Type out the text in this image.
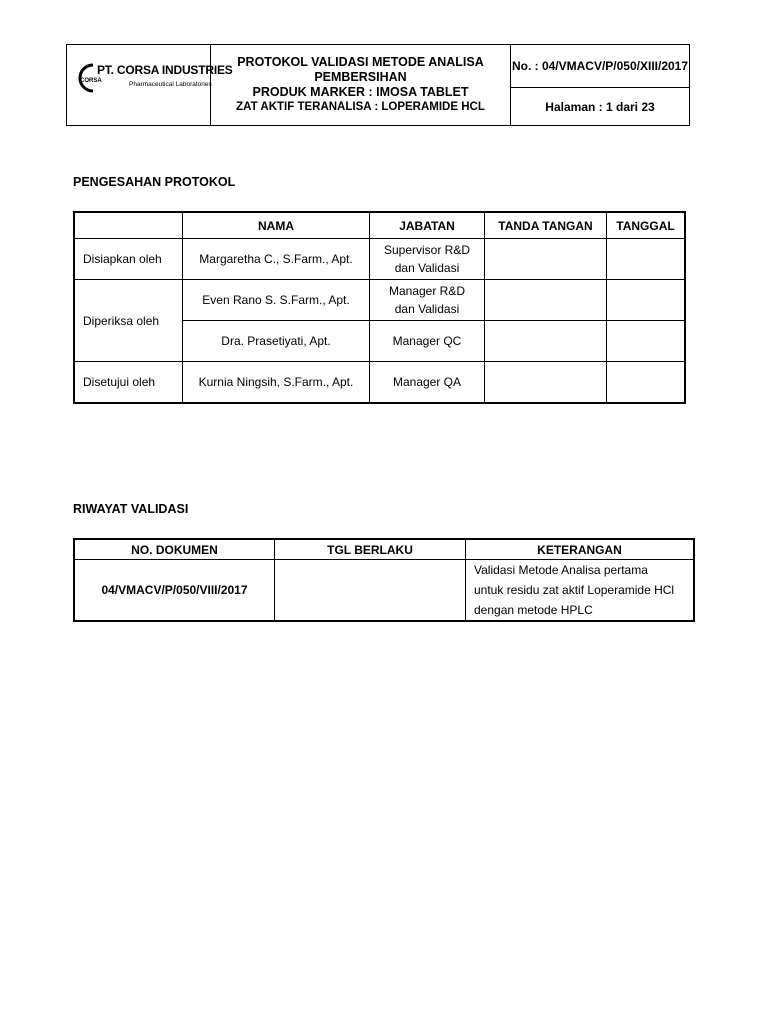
CORSA
PT. CORSA INDUSTRIES
Pharmaceutical Laboratories

PROTOKOL VALIDASI METODE ANALISA
PEMBERSIHAN
PRODUK MARKER : IMOSA TABLET
ZAT AKTIF TERANALISA : LOPERAMIDE HCL
	No. : 04/VMACV/P/050/XIII/2017
Halaman : 1 dari 23
PENGESAHAN PROTOKOL
	NAMA	JABATAN	TANDA TANGAN	TANGGAL
Disiapkan oleh	Margaretha C., S.Farm., Apt.	Supervisor R&D
dan Validasi		

Diperiksa oleh	Even Rano S. S.Farm., Apt.	Manager R&D
dan Validasi		

	Dra. Prasetiyati, Apt.	Manager QC		
Disetujui oleh	Kurnia Ningsih, S.Farm., Apt.	Manager QA		
RIWAYAT VALIDASI
NO. DOKUMEN	TGL BERLAKU	KETERANGAN
04/VMACV/P/050/VIII/2017		Validasi Metode Analisa pertama
untuk residu zat aktif Loperamide HCl
dengan metode HPLC
